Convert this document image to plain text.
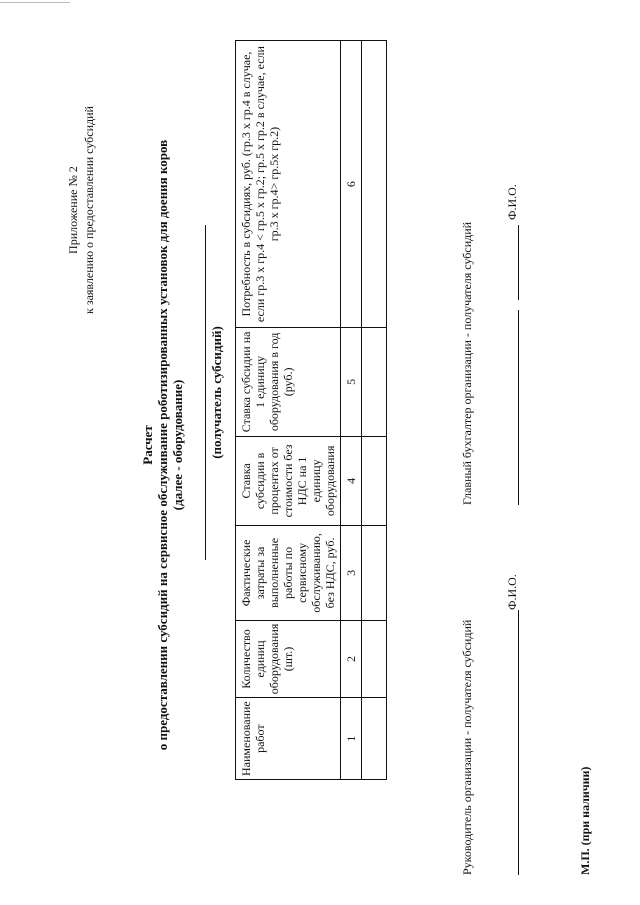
Приложение № 2 к заявлению о предоставлении субсидий
Расчет о предоставлении субсидий на сервисное обслуживание роботизированных установок для доения коров (далее - оборудование) (получатель субсидий)
Наименование работ	Количество единиц оборудования (шт.)	Фактические затраты за выполненные работы по сервисному обслуживанию, без НДС, руб.	Ставка субсидии в процентах от стоимости без НДС на 1 единицу оборудования	Ставка субсидии на 1 единицу оборудования в год (руб.)	Потребность в субсидиях, руб. (гр.3 х гр.4 в случае, если гр.3 х гр.4 < гр.5 х гр.2; гр.5 х гр.2 в случае, если гр.3 х гр.4> гр.5х гр.2)
1	2	3	4	5	6

Руководитель организации - получателя субсидий
Ф.И.О.
Главный бухгалтер организации - получателя субсидий
Ф.И.О.
М.П. (при наличии)
